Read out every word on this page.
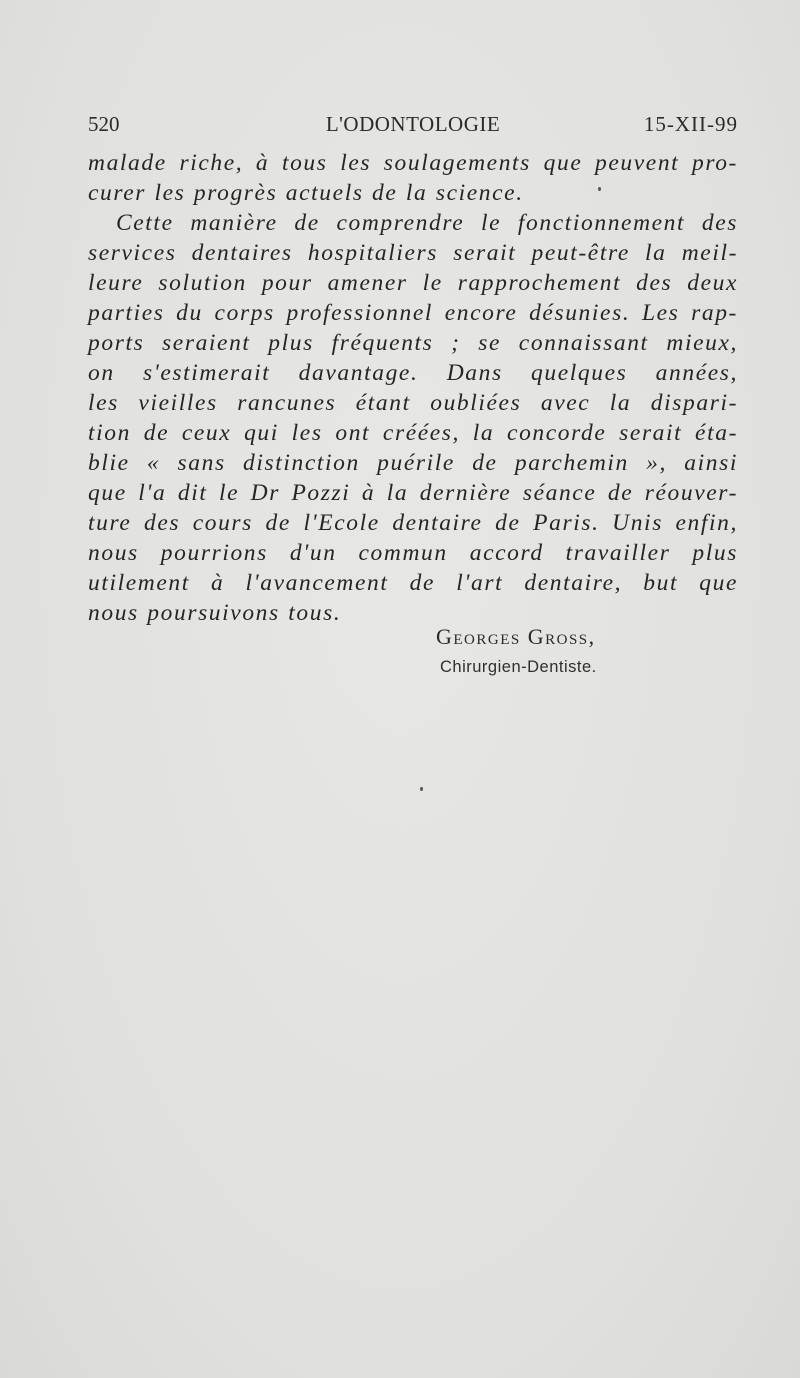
520	L'ODONTOLOGIE	15-XII-99
malade riche, à tous les soulagements que peuvent pro-
curer les progrès actuels de la science.
Cette manière de comprendre le fonctionnement des
services dentaires hospitaliers serait peut-être la meil-
leure solution pour amener le rapprochement des deux
parties du corps professionnel encore désunies. Les rap-
ports seraient plus fréquents ; se connaissant mieux,
on s'estimerait davantage. Dans quelques années,
les vieilles rancunes étant oubliées avec la dispari-
tion de ceux qui les ont créées, la concorde serait éta-
blie « sans distinction puérile de parchemin », ainsi
que l'a dit le Dr Pozzi à la dernière séance de réouver-
ture des cours de l'Ecole dentaire de Paris. Unis enfin,
nous pourrions d'un commun accord travailler plus
utilement à l'avancement de l'art dentaire, but que
nous poursuivons tous.
Georges Gross,
Chirurgien-Dentiste.
